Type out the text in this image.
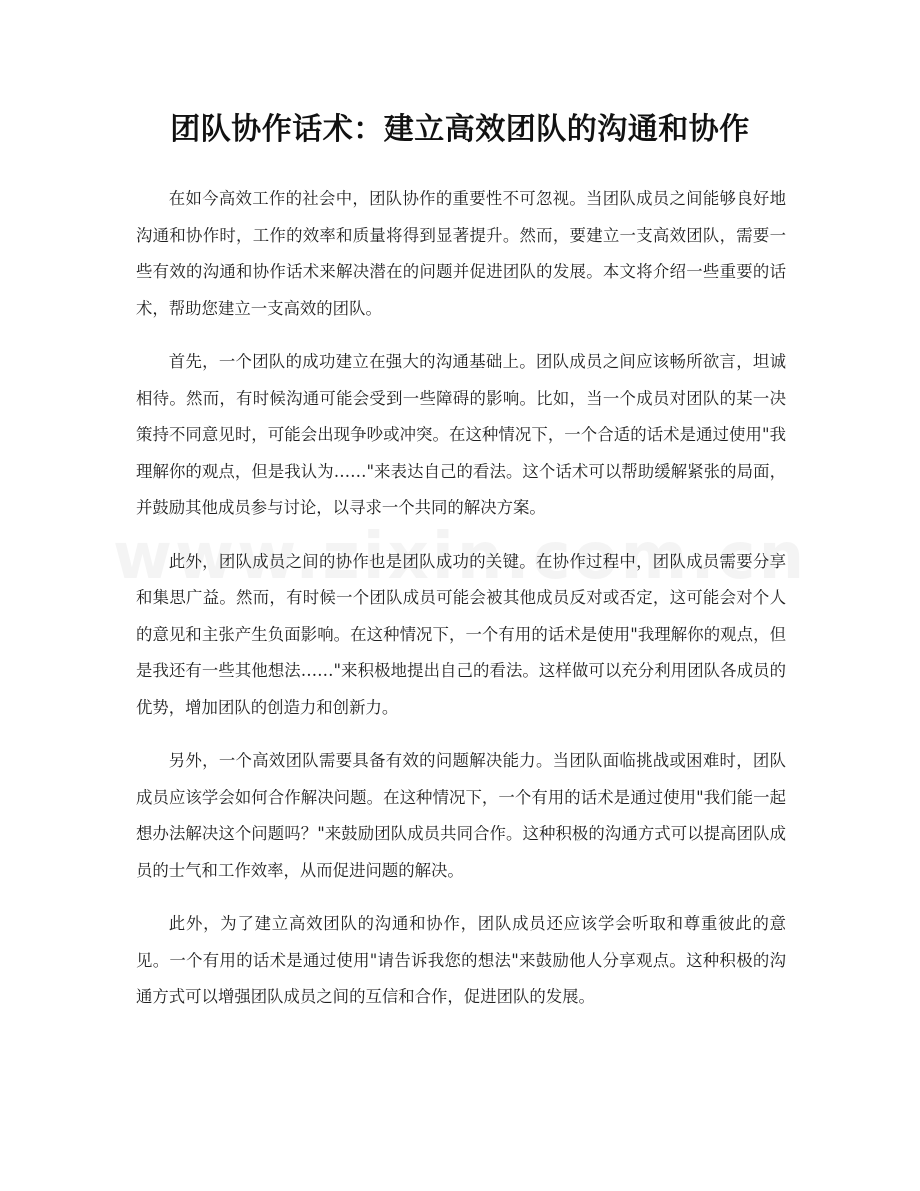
团队协作话术：建立高效团队的沟通和协作

在如今高效工作的社会中，团队协作的重要性不可忽视。当团队成员之间能够良好地沟通和协作时，工作的效率和质量将得到显著提升。然而，要建立一支高效团队，需要一些有效的沟通和协作话术来解决潜在的问题并促进团队的发展。本文将介绍一些重要的话术，帮助您建立一支高效的团队。

首先，一个团队的成功建立在强大的沟通基础上。团队成员之间应该畅所欲言，坦诚相待。然而，有时候沟通可能会受到一些障碍的影响。比如，当一个成员对团队的某一决策持不同意见时，可能会出现争吵或冲突。在这种情况下，一个合适的话术是通过使用"我理解你的观点，但是我认为……"来表达自己的看法。这个话术可以帮助缓解紧张的局面，并鼓励其他成员参与讨论，以寻求一个共同的解决方案。

此外，团队成员之间的协作也是团队成功的关键。在协作过程中，团队成员需要分享和集思广益。然而，有时候一个团队成员可能会被其他成员反对或否定，这可能会对个人的意见和主张产生负面影响。在这种情况下，一个有用的话术是使用"我理解你的观点，但是我还有一些其他想法……"来积极地提出自己的看法。这样做可以充分利用团队各成员的优势，增加团队的创造力和创新力。

另外，一个高效团队需要具备有效的问题解决能力。当团队面临挑战或困难时，团队成员应该学会如何合作解决问题。在这种情况下，一个有用的话术是通过使用"我们能一起想办法解决这个问题吗？"来鼓励团队成员共同合作。这种积极的沟通方式可以提高团队成员的士气和工作效率，从而促进问题的解决。

此外，为了建立高效团队的沟通和协作，团队成员还应该学会听取和尊重彼此的意见。一个有用的话术是通过使用"请告诉我您的想法"来鼓励他人分享观点。这种积极的沟通方式可以增强团队成员之间的互信和合作，促进团队的发展。
